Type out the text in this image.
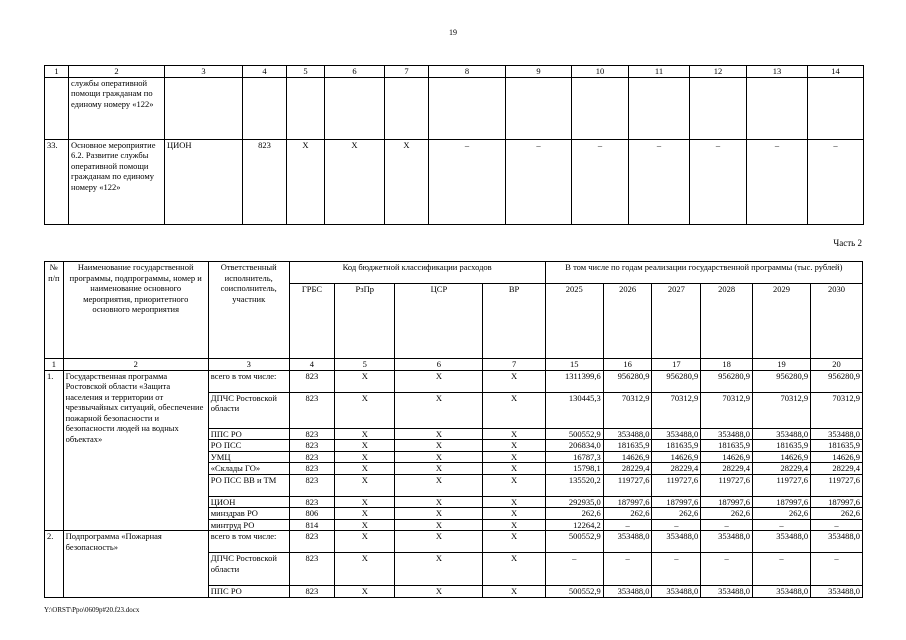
19
1	2	3	4	5	6	7	8	9	10	11	12	13	14
	службы оперативной помощи гражданам по единому номеру «122»												
33.	Основное мероприятие 6.2. Развитие службы оперативной помощи гражданам по единому номеру «122»	ЦИОН	823	Х	Х	Х	–	–	–	–	–	–	–
Часть 2
№ п/п	Наименование государственной программы, подпрограммы, номер и наименование основного мероприятия, приоритетного основного мероприятия	Ответственный исполнитель, соисполнитель, участник	Код бюджетной классификации расходов				В том числе по годам реализации государственной программы (тыс. рублей)					
			ГРБС	РзПр	ЦСР	ВР	2025	2026	2027	2028	2029	2030
1	2	3	4	5	6	7	15	16	17	18	19	20
1.	Государственная программа Ростовской области «Защита населения и территории от чрезвычайных ситуаций, обеспечение пожарной безопасности и безопасности людей на водных объектах»	всего в том числе:	823	Х	Х	Х	1311399,6	956280,9	956280,9	956280,9	956280,9	956280,9
		ДПЧС Ростовской области	823	Х	Х	Х	130445,3	70312,9	70312,9	70312,9	70312,9	70312,9
		ППС РО	823	Х	Х	Х	500552,9	353488,0	353488,0	353488,0	353488,0	353488,0
		РО ПСС	823	Х	Х	Х	206834,0	181635,9	181635,9	181635,9	181635,9	181635,9
		УМЦ	823	Х	Х	Х	16787,3	14626,9	14626,9	14626,9	14626,9	14626,9
		«Склады ГО»	823	Х	Х	Х	15798,1	28229,4	28229,4	28229,4	28229,4	28229,4
		РО ПСС ВВ и ТМ	823	Х	Х	Х	135520,2	119727,6	119727,6	119727,6	119727,6	119727,6
		ЦИОН	823	Х	Х	Х	292935,0	187997,6	187997,6	187997,6	187997,6	187997,6
		минздрав РО	806	Х	Х	Х	262,6	262,6	262,6	262,6	262,6	262,6
		минтруд РО	814	Х	Х	Х	12264,2	–	–	–	–	–
2.	Подпрограмма «Пожарная безопасность»	всего в том числе:	823	Х	Х	Х	500552,9	353488,0	353488,0	353488,0	353488,0	353488,0
		ДПЧС Ростовской области	823	Х	Х	Х	–	–	–	–	–	–
		ППС РО	823	Х	Х	Х	500552,9	353488,0	353488,0	353488,0	353488,0	353488,0
Y:\ORST\Ppo\0609p#20.f23.docx
